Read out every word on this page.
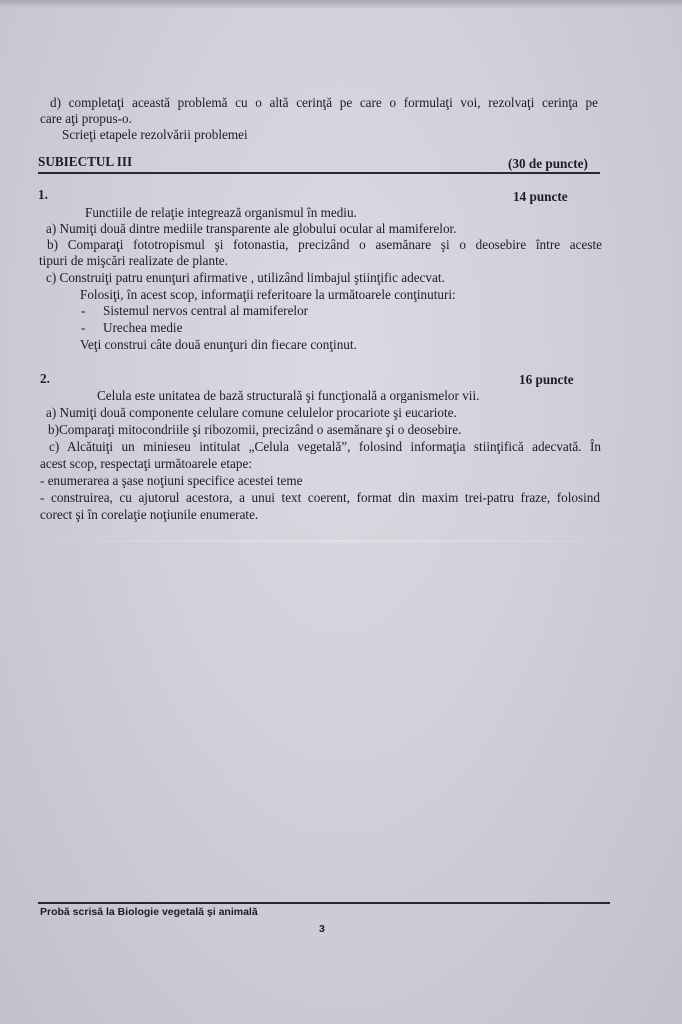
d) completaţi această problemă cu o altă cerinţă pe care o formulaţi voi, rezolvaţi cerinţa pe
care aţi propus-o.
Scrieţi etapele rezolvării problemei
SUBIECTUL III	(30 de puncte)
1.	14 puncte
Functiile de relaţie integrează organismul în mediu.
a) Numiţi două dintre mediile transparente ale globului ocular al mamiferelor.
b) Comparaţi fototropismul şi fotonastia, precizând o asemănare şi o deosebire între aceste
tipuri de mişcări realizate de plante.
c) Construiţi patru enunţuri afirmative , utilizând limbajul ştiinţific adecvat.
Folosiţi, în acest scop, informaţii referitoare la următoarele conţinuturi:
- Sistemul nervos central al mamiferelor
- Urechea medie
Veţi construi câte două enunţuri din fiecare conţinut.
2.	16 puncte
Celula este unitatea de bază structurală şi funcţională a organismelor vii.
a) Numiţi două componente celulare comune celulelor procariote şi eucariote.
b)Comparaţi mitocondriile şi ribozomii, precizând o asemănare şi o deosebire.
c) Alcătuiţi un minieseu intitulat „Celula vegetală”, folosind informaţia stiinţifică adecvată. În
acest scop, respectaţi următoarele etape:
- enumerarea a şase noţiuni specifice acestei teme
- construirea, cu ajutorul acestora, a unui text coerent, format din maxim trei-patru fraze, folosind
corect şi în corelaţie noţiunile enumerate.
Probă scrisă la Biologie vegetală şi animală
3
